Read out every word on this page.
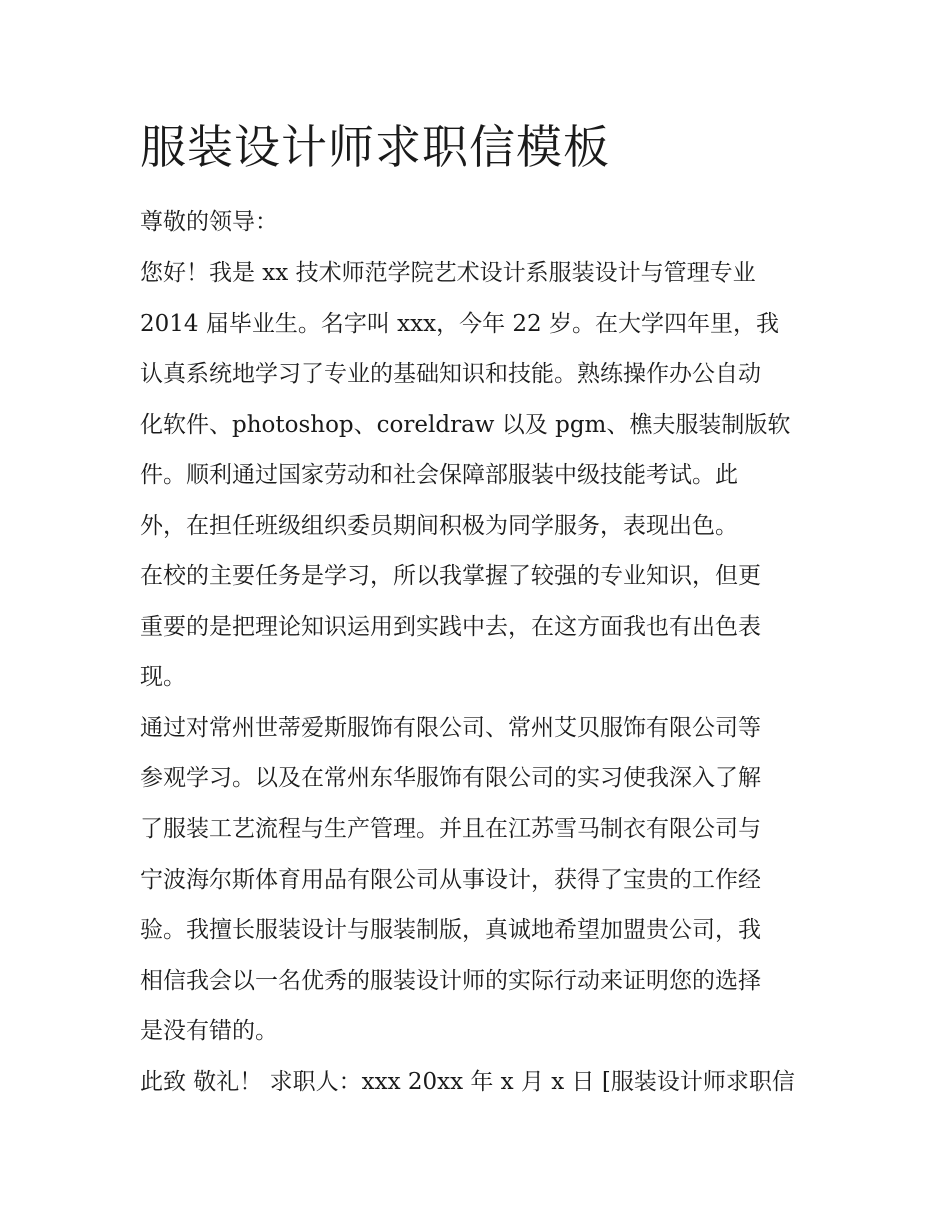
服装设计师求职信模板

尊敬的领导：

您好！我是 xx 技术师范学院艺术设计系服装设计与管理专业

2014 届毕业生。名字叫 xxx，今年 22 岁。在大学四年里，我

认真系统地学习了专业的基础知识和技能。熟练操作办公自动

化软件、photoshop、coreldraw 以及 pgm、樵夫服装制版软

件。顺利通过国家劳动和社会保障部服装中级技能考试。此

外，在担任班级组织委员期间积极为同学服务，表现出色。

在校的主要任务是学习，所以我掌握了较强的专业知识，但更

重要的是把理论知识运用到实践中去，在这方面我也有出色表

现。

通过对常州世蒂爱斯服饰有限公司、常州艾贝服饰有限公司等

参观学习。以及在常州东华服饰有限公司的实习使我深入了解

了服装工艺流程与生产管理。并且在江苏雪马制衣有限公司与

宁波海尔斯体育用品有限公司从事设计，获得了宝贵的工作经

验。我擅长服装设计与服装制版，真诚地希望加盟贵公司，我

相信我会以一名优秀的服装设计师的实际行动来证明您的选择

是没有错的。

此致 敬礼！ 求职人：xxx 20xx 年 x 月 x 日 [服装设计师求职信
